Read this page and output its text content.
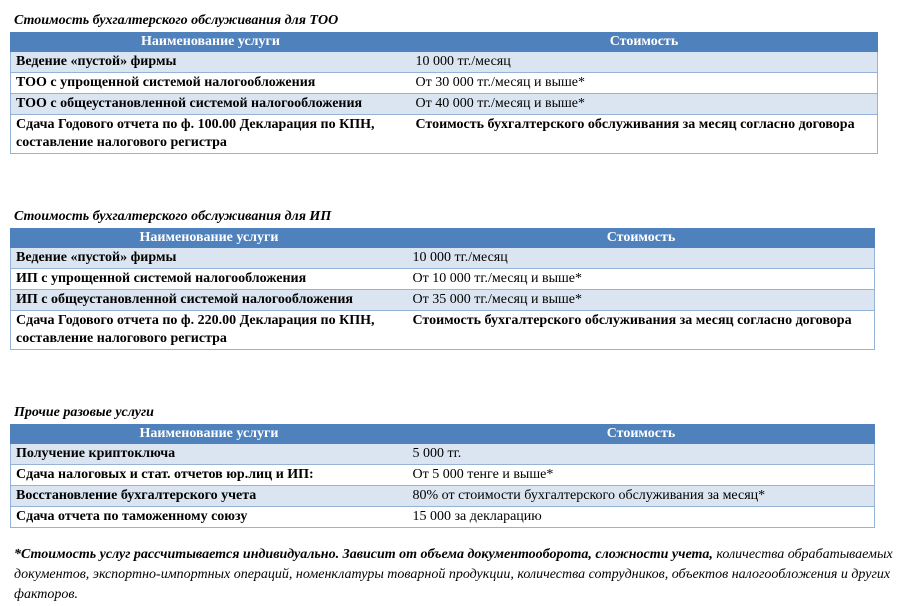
Стоимость бухгалтерского обслуживания для ТОО
Наименование услуги	Стоимость
Ведение «пустой» фирмы	10 000 тг./месяц
ТОО с упрощенной системой налогообложения	От 30 000 тг./месяц и выше*
ТОО с общеустановленной системой налогообложения	От 40 000 тг./месяц и выше*
Сдача Годового отчета по ф. 100.00 Декларация по КПН, составление налогового регистра	Стоимость бухгалтерского обслуживания за месяц согласно договора
Стоимость бухгалтерского обслуживания для ИП
Наименование услуги	Стоимость
Ведение «пустой» фирмы	10 000 тг./месяц
ИП с упрощенной системой налогообложения	От 10 000 тг./месяц и выше*
ИП с общеустановленной системой налогообложения	От 35 000 тг./месяц и выше*
Сдача Годового отчета по ф. 220.00 Декларация по КПН, составление налогового регистра	Стоимость бухгалтерского обслуживания за месяц согласно договора
Прочие разовые услуги
Наименование услуги	Стоимость
Получение криптоключа	5 000 тг.
Сдача налоговых и стат. отчетов юр.лиц и ИП:	От 5 000 тенге и выше*
Восстановление бухгалтерского учета	80% от стоимости бухгалтерского обслуживания за месяц*
Сдача отчета по таможенному союзу	15 000 за декларацию
*Стоимость услуг рассчитывается индивидуально. Зависит от объема документооборота, сложности учета, количества обрабатываемых документов, экспортно-импортных операций, номенклатуры товарной продукции, количества сотрудников, объектов налогообложения и других факторов.
